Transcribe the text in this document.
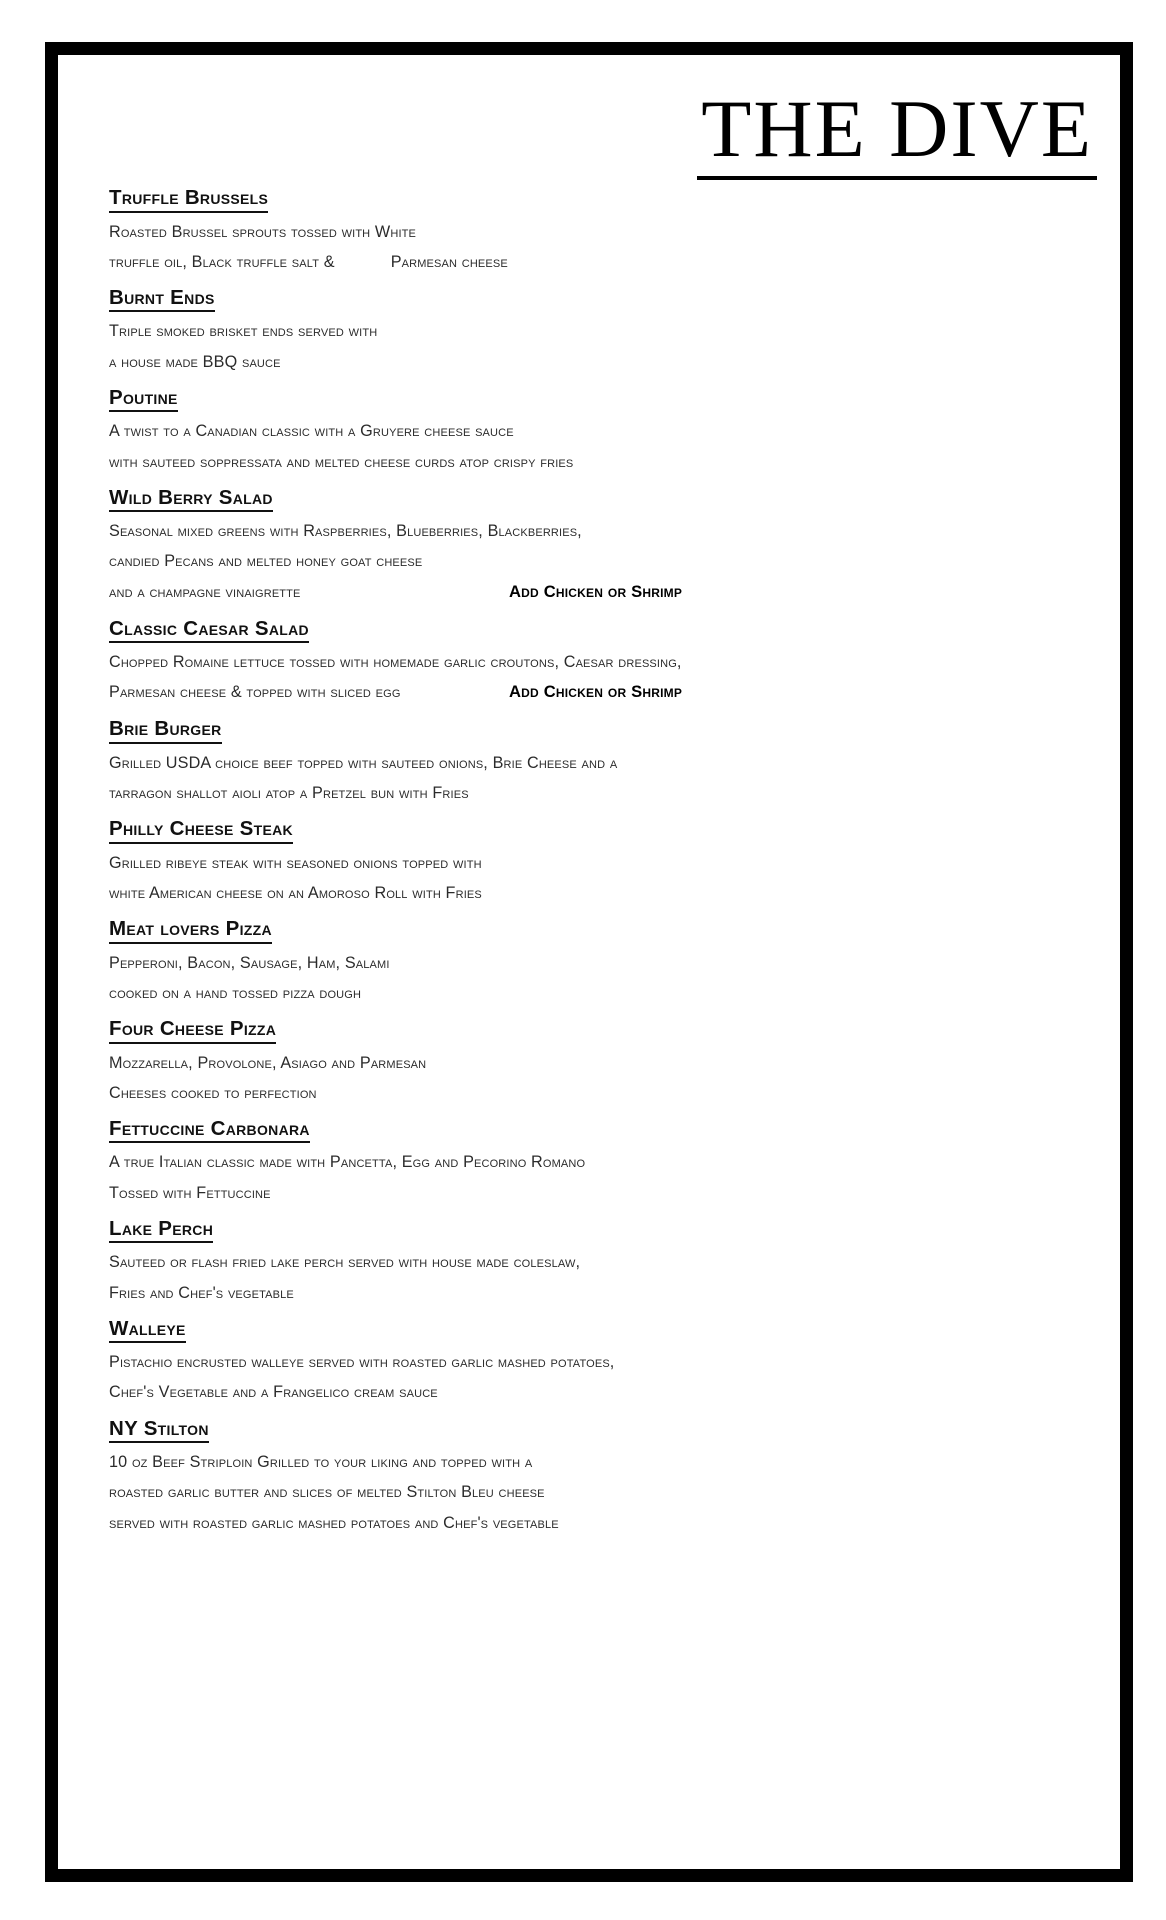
THE DIVE
Truffle Brussels
Roasted Brussel sprouts tossed with White
truffle oil, Black truffle salt &	Parmesan cheese
Burnt Ends
Triple smoked brisket ends served with
a house made BBQ sauce
Poutine
A twist to a Canadian classic with a Gruyere cheese sauce
with sauteed soppressata and melted cheese curds atop crispy fries
Wild Berry Salad
Seasonal mixed greens with Raspberries, Blueberries, Blackberries,
candied Pecans and melted honey goat cheese
and a champagne vinaigrette	Add Chicken or Shrimp
Classic Caesar Salad
Chopped Romaine lettuce tossed with homemade garlic croutons, Caesar dressing,
Parmesan cheese & topped with sliced egg	Add Chicken or Shrimp
Brie Burger
Grilled USDA choice beef topped with sauteed onions, Brie Cheese and a
tarragon shallot aioli atop a Pretzel bun with Fries
Philly Cheese Steak
Grilled ribeye steak with seasoned onions topped with
white American cheese on an Amoroso Roll with Fries
Meat lovers Pizza
Pepperoni, Bacon, Sausage, Ham, Salami
cooked on a hand tossed pizza dough
Four Cheese Pizza
Mozzarella, Provolone, Asiago and Parmesan
Cheeses cooked to perfection
Fettuccine Carbonara
A true Italian classic made with Pancetta, Egg and Pecorino Romano
Tossed with Fettuccine
Lake Perch
Sauteed or flash fried lake perch served with house made coleslaw,
Fries and Chef's vegetable
Walleye
Pistachio encrusted walleye served with roasted garlic mashed potatoes,
Chef's Vegetable and a Frangelico cream sauce
NY Stilton
10 oz Beef Striploin Grilled to your liking and topped with a
roasted garlic butter and slices of melted Stilton Bleu cheese
served with roasted garlic mashed potatoes and Chef's vegetable
